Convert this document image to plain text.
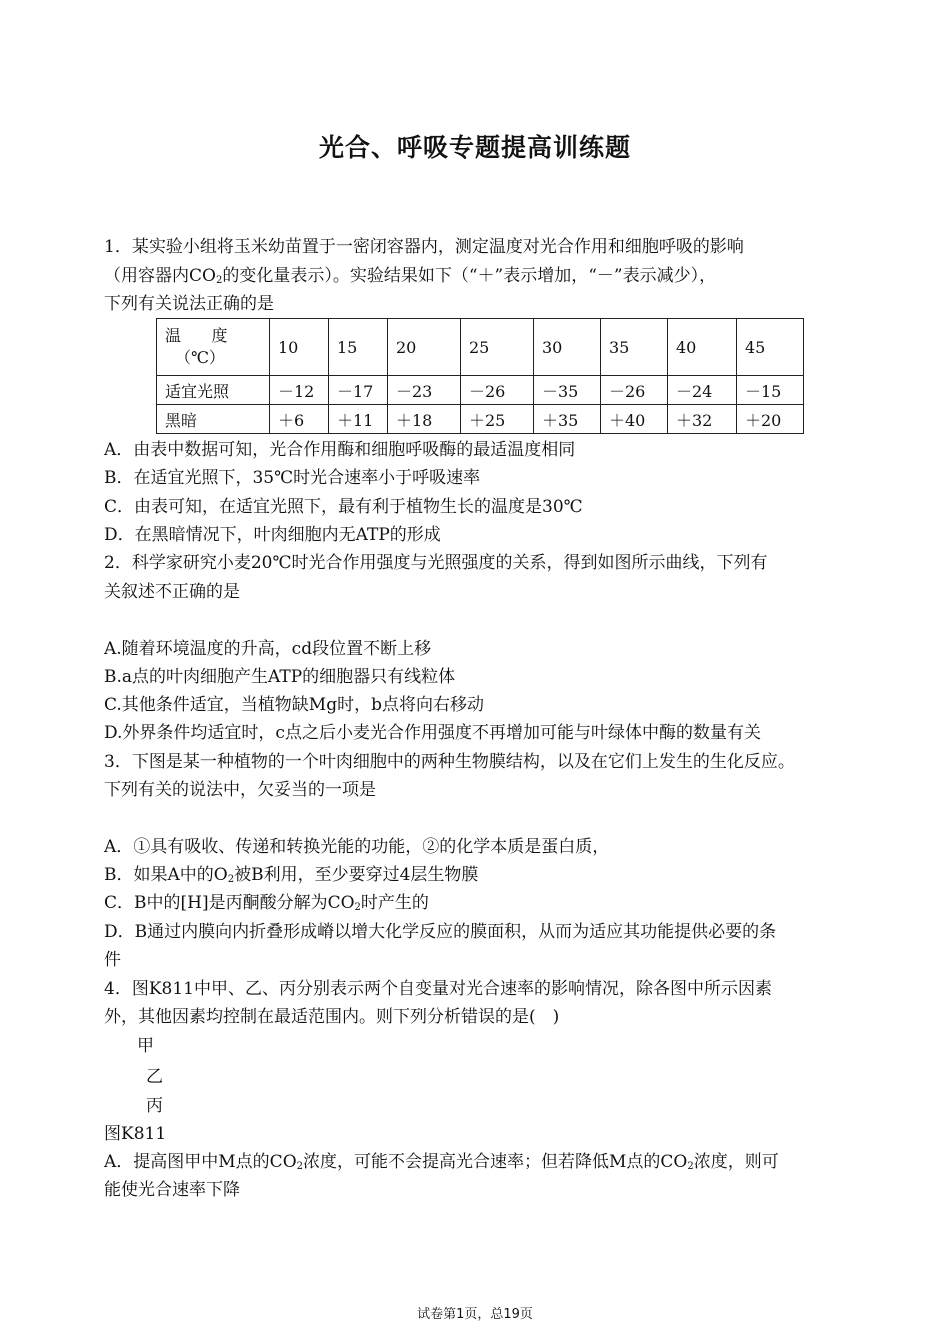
光合、呼吸专题提高训练题
1．某实验小组将玉米幼苗置于一密闭容器内，测定温度对光合作用和细胞呼吸的影响
（用容器内$CO_2$的变化量表示）。实验结果如下（“＋”表示增加，“－”表示减少），
下列有关说法正确的是
温      度
（℃）	10	15	20	25	30	35	40	45
适宜光照	－12	－17	－23	－26	－35	－26	－24	－15
黑暗	＋6	＋11	＋18	＋25	＋35	＋40	＋32	＋20
A．由表中数据可知，光合作用酶和细胞呼吸酶的最适温度相同
B．在适宜光照下，35℃时光合速率小于呼吸速率
C．由表可知，在适宜光照下，最有利于植物生长的温度是30℃
D．在黑暗情况下，叶肉细胞内无ATP的形成
2．科学家研究小麦20℃时光合作用强度与光照强度的关系，得到如图所示曲线，下列有
关叙述不正确的是
A.随着环境温度的升高，cd段位置不断上移
B.a点的叶肉细胞产生ATP的细胞器只有线粒体
C.其他条件适宜，当植物缺Mg时，b点将向右移动
D.外界条件均适宜时，c点之后小麦光合作用强度不再增加可能与叶绿体中酶的数量有关
3．下图是某一种植物的一个叶肉细胞中的两种生物膜结构，以及在它们上发生的生化反应。
下列有关的说法中，欠妥当的一项是
A．①具有吸收、传递和转换光能的功能，②的化学本质是蛋白质，
B．如果A中的$O_2$被B利用，至少要穿过4层生物膜
C．B中的[H]是丙酮酸分解为$CO_2$时产生的
D．B通过内膜向内折叠形成嵴以增大化学反应的膜面积，从而为适应其功能提供必要的条
件
4．图K811中甲、乙、丙分别表示两个自变量对光合速率的影响情况，除各图中所示因素
外，其他因素均控制在最适范围内。则下列分析错误的是(　)
甲
乙
丙
图K811
A．提高图甲中M点的$CO_2$浓度，可能不会提高光合速率；但若降低M点的$CO_2$浓度，则可
能使光合速率下降
试卷第1页，总19页
